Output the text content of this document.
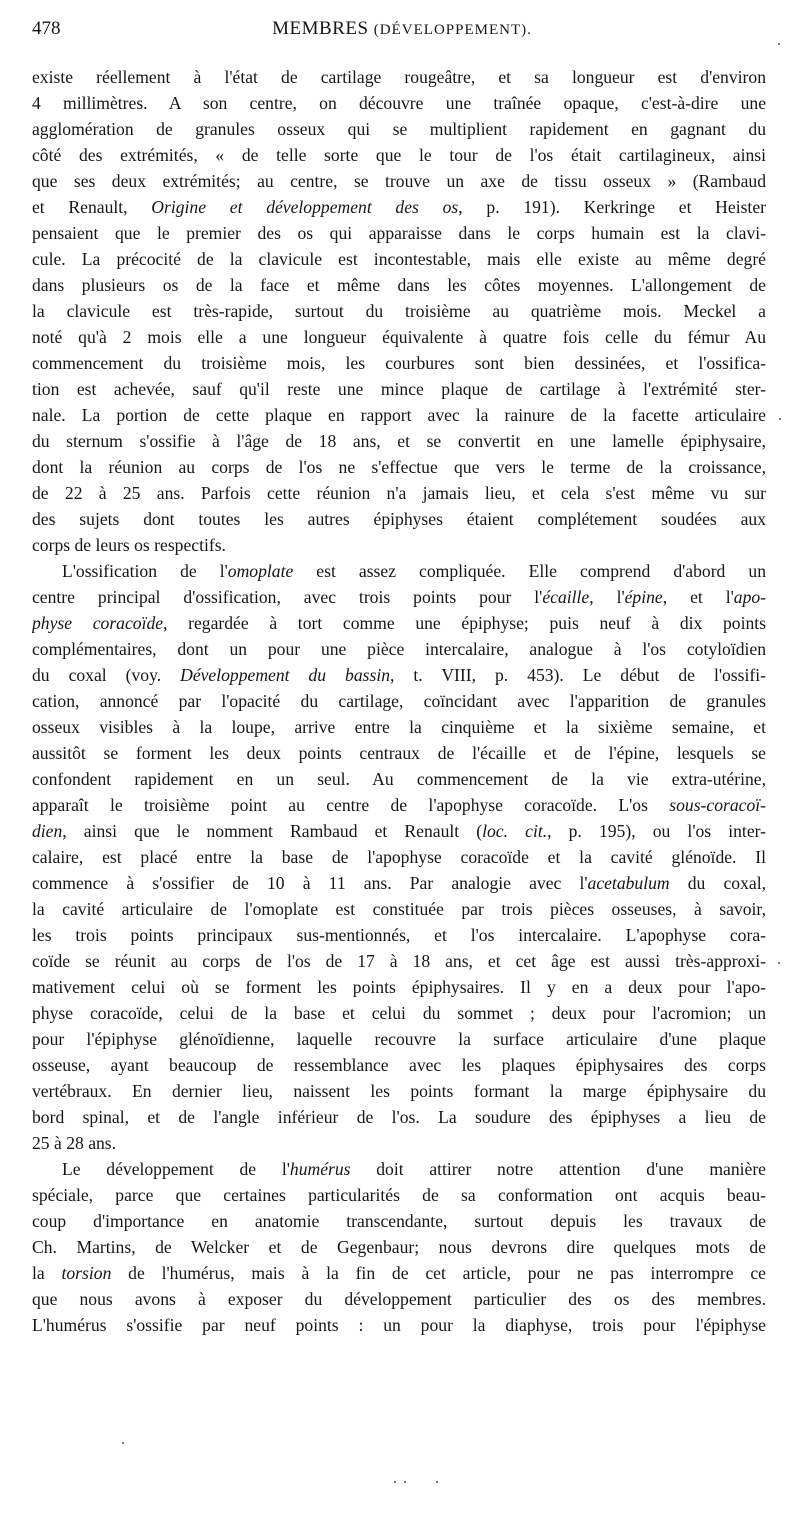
478	MEMBRES (DÉVELOPPEMENT).
existe réellement à l'état de cartilage rougeâtre, et sa longueur est d'environ
4 millimètres. A son centre, on découvre une traînée opaque, c'est-à-dire une
agglomération de granules osseux qui se multiplient rapidement en gagnant du
côté des extrémités, « de telle sorte que le tour de l'os était cartilagineux, ainsi
que ses deux extrémités; au centre, se trouve un axe de tissu osseux » (Rambaud
et Renault, Origine et développement des os, p. 191). Kerkringe et Heister
pensaient que le premier des os qui apparaisse dans le corps humain est la clavi-
cule. La précocité de la clavicule est incontestable, mais elle existe au même degré
dans plusieurs os de la face et même dans les côtes moyennes. L'allongement de
la clavicule est très-rapide, surtout du troisième au quatrième mois. Meckel a
noté qu'à 2 mois elle a une longueur équivalente à quatre fois celle du fémur Au
commencement du troisième mois, les courbures sont bien dessinées, et l'ossifica-
tion est achevée, sauf qu'il reste une mince plaque de cartilage à l'extrémité ster-
nale. La portion de cette plaque en rapport avec la rainure de la facette articulaire
du sternum s'ossifie à l'âge de 18 ans, et se convertit en une lamelle épiphysaire,
dont la réunion au corps de l'os ne s'effectue que vers le terme de la croissance,
de 22 à 25 ans. Parfois cette réunion n'a jamais lieu, et cela s'est même vu sur
des sujets dont toutes les autres épiphyses étaient complétement soudées aux
corps de leurs os respectifs.
L'ossification de l'omoplate est assez compliquée. Elle comprend d'abord un
centre principal d'ossification, avec trois points pour l'écaille, l'épine, et l'apo-
physe coracoïde, regardée à tort comme une épiphyse; puis neuf à dix points
complémentaires, dont un pour une pièce intercalaire, analogue à l'os cotyloïdien
du coxal (voy. Développement du bassin, t. VIII, p. 453). Le début de l'ossifi-
cation, annoncé par l'opacité du cartilage, coïncidant avec l'apparition de granules
osseux visibles à la loupe, arrive entre la cinquième et la sixième semaine, et
aussitôt se forment les deux points centraux de l'écaille et de l'épine, lesquels se
confondent rapidement en un seul. Au commencement de la vie extra-utérine,
apparaît le troisième point au centre de l'apophyse coracoïde. L'os sous-coracoï-
dien, ainsi que le nomment Rambaud et Renault (loc. cit., p. 195), ou l'os inter-
calaire, est placé entre la base de l'apophyse coracoïde et la cavité glénoïde. Il
commence à s'ossifier de 10 à 11 ans. Par analogie avec l'acetabulum du coxal,
la cavité articulaire de l'omoplate est constituée par trois pièces osseuses, à savoir,
les trois points principaux sus-mentionnés, et l'os intercalaire. L'apophyse cora-
coïde se réunit au corps de l'os de 17 à 18 ans, et cet âge est aussi très-approxi-
mativement celui où se forment les points épiphysaires. Il y en a deux pour l'apo-
physe coracoïde, celui de la base et celui du sommet ; deux pour l'acromion; un
pour l'épiphyse glénoïdienne, laquelle recouvre la surface articulaire d'une plaque
osseuse, ayant beaucoup de ressemblance avec les plaques épiphysaires des corps
vertébraux. En dernier lieu, naissent les points formant la marge épiphysaire du
bord spinal, et de l'angle inférieur de l'os. La soudure des épiphyses a lieu de
25 à 28 ans.
Le développement de l'humérus doit attirer notre attention d'une manière
spéciale, parce que certaines particularités de sa conformation ont acquis beau-
coup d'importance en anatomie transcendante, surtout depuis les travaux de
Ch. Martins, de Welcker et de Gegenbaur; nous devrons dire quelques mots de
la torsion de l'humérus, mais à la fin de cet article, pour ne pas interrompre ce
que nous avons à exposer du développement particulier des os des membres.
L'humérus s'ossifie par neuf points : un pour la diaphyse, trois pour l'épiphyse
